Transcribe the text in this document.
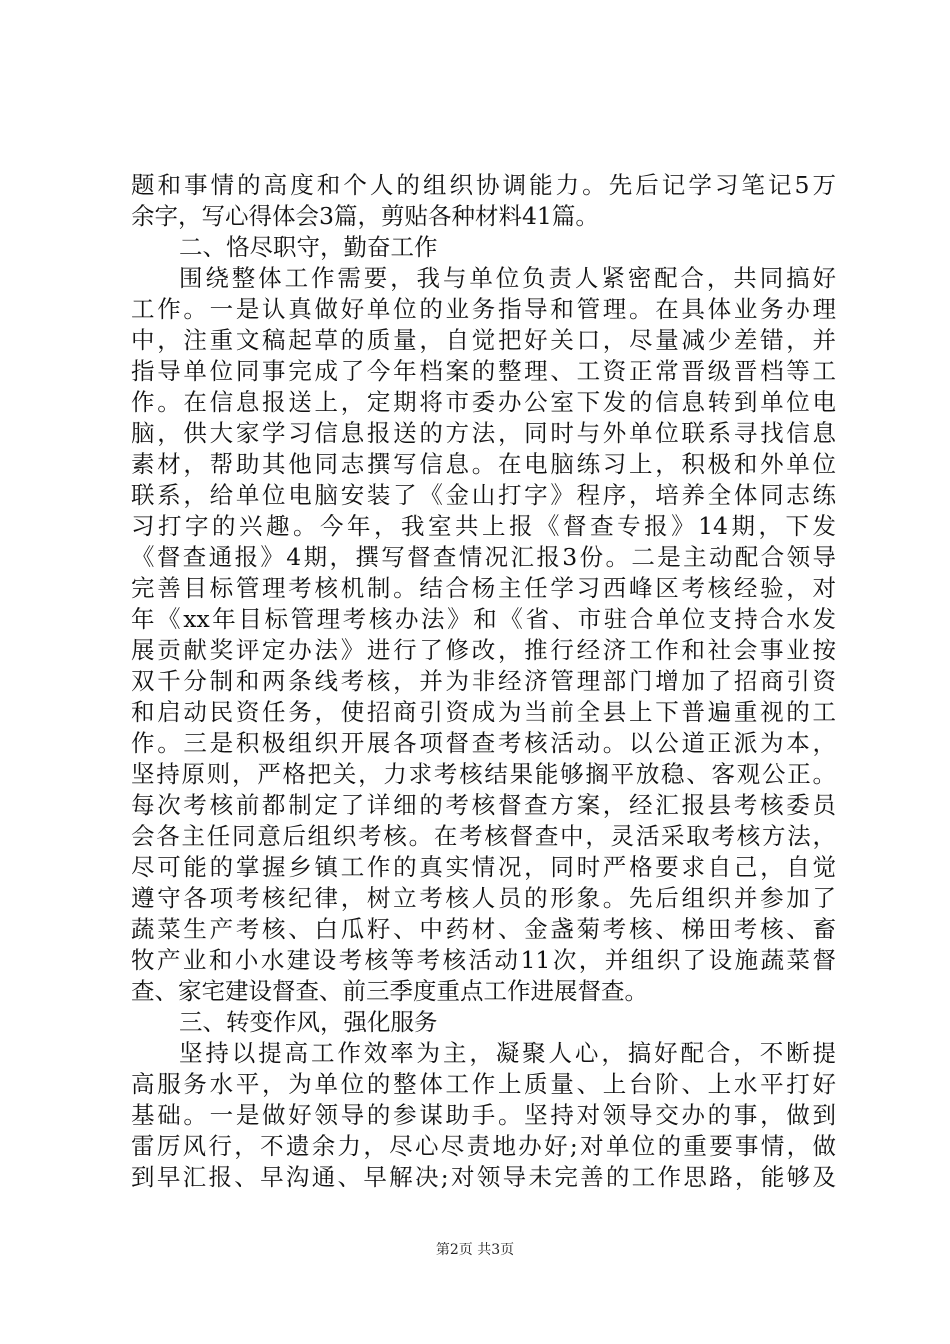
题和事情的高度和个人的组织协调能力。先后记学习笔记5万
余字，写心得体会3篇，剪贴各种材料41篇。
二、恪尽职守，勤奋工作
围绕整体工作需要，我与单位负责人紧密配合，共同搞好
工作。一是认真做好单位的业务指导和管理。在具体业务办理
中，注重文稿起草的质量，自觉把好关口，尽量减少差错，并
指导单位同事完成了今年档案的整理、工资正常晋级晋档等工
作。在信息报送上，定期将市委办公室下发的信息转到单位电
脑，供大家学习信息报送的方法，同时与外单位联系寻找信息
素材，帮助其他同志撰写信息。在电脑练习上，积极和外单位
联系，给单位电脑安装了《金山打字》程序，培养全体同志练
习打字的兴趣。今年，我室共上报《督查专报》14期，下发
《督查通报》4期，撰写督查情况汇报3份。二是主动配合领导
完善目标管理考核机制。结合杨主任学习西峰区考核经验，对
年《xx年目标管理考核办法》和《省、市驻合单位支持合水发
展贡献奖评定办法》进行了修改，推行经济工作和社会事业按
双千分制和两条线考核，并为非经济管理部门增加了招商引资
和启动民资任务，使招商引资成为当前全县上下普遍重视的工
作。三是积极组织开展各项督查考核活动。以公道正派为本，
坚持原则，严格把关，力求考核结果能够搁平放稳、客观公正。
每次考核前都制定了详细的考核督查方案，经汇报县考核委员
会各主任同意后组织考核。在考核督查中，灵活采取考核方法，
尽可能的掌握乡镇工作的真实情况，同时严格要求自己，自觉
遵守各项考核纪律，树立考核人员的形象。先后组织并参加了
蔬菜生产考核、白瓜籽、中药材、金盏菊考核、梯田考核、畜
牧产业和小水建设考核等考核活动11次，并组织了设施蔬菜督
查、家宅建设督查、前三季度重点工作进展督查。
三、转变作风，强化服务
坚持以提高工作效率为主，凝聚人心，搞好配合，不断提
高服务水平，为单位的整体工作上质量、上台阶、上水平打好
基础。一是做好领导的参谋助手。坚持对领导交办的事，做到
雷厉风行，不遗余力，尽心尽责地办好;对单位的重要事情，做
到早汇报、早沟通、早解决;对领导未完善的工作思路，能够及
第2页 共3页
